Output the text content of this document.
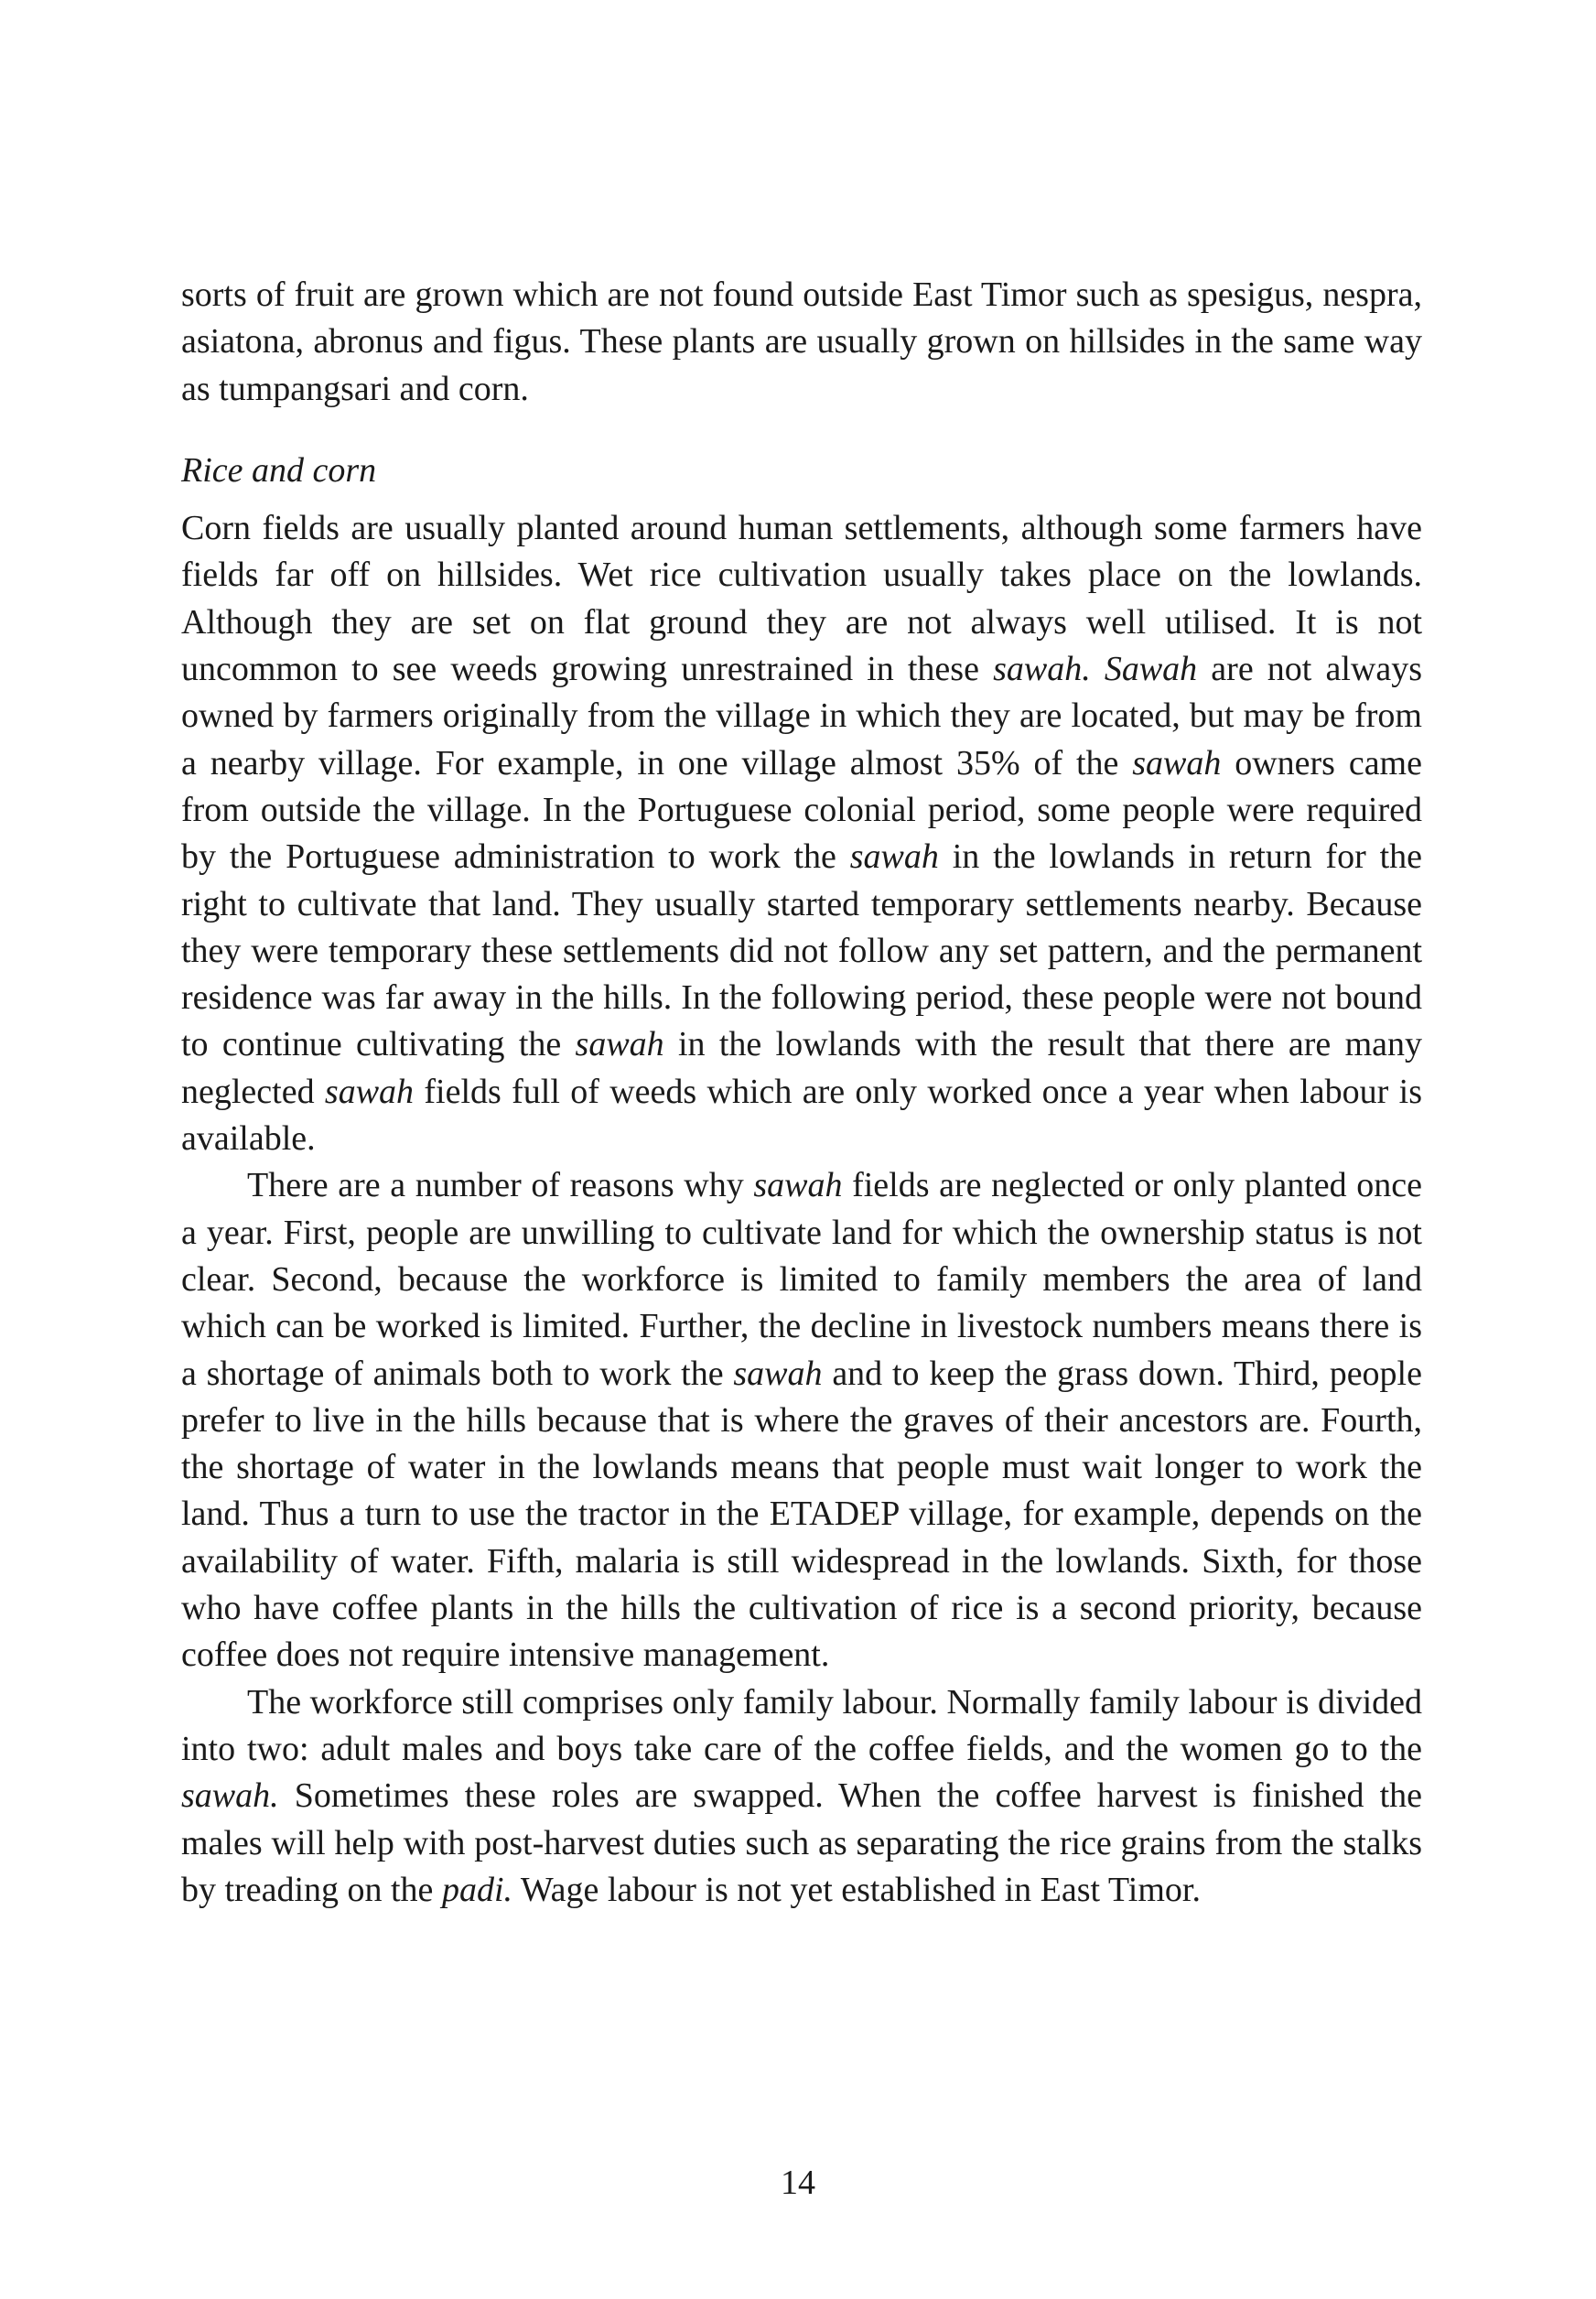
sorts of fruit are grown which are not found outside East Timor such as spesigus, nespra, asiatona, abronus and figus. These plants are usually grown on hillsides in the same way as tumpangsari and corn.

Rice and corn

Corn fields are usually planted around human settlements, although some farmers have fields far off on hillsides. Wet rice cultivation usually takes place on the lowlands. Although they are set on flat ground they are not always well utilised. It is not uncommon to see weeds growing unrestrained in these sawah. Sawah are not always owned by farmers originally from the village in which they are located, but may be from a nearby village. For example, in one village almost 35% of the sawah owners came from outside the village. In the Portuguese colonial period, some people were required by the Portuguese administration to work the sawah in the lowlands in return for the right to cultivate that land. They usually started temporary settlements nearby. Because they were temporary these settlements did not follow any set pattern, and the permanent residence was far away in the hills. In the following period, these people were not bound to continue cultivating the sawah in the lowlands with the result that there are many neglected sawah fields full of weeds which are only worked once a year when labour is available.

There are a number of reasons why sawah fields are neglected or only planted once a year. First, people are unwilling to cultivate land for which the ownership status is not clear. Second, because the workforce is limited to family members the area of land which can be worked is limited. Further, the decline in livestock numbers means there is a shortage of animals both to work the sawah and to keep the grass down. Third, people prefer to live in the hills because that is where the graves of their ancestors are. Fourth, the shortage of water in the lowlands means that people must wait longer to work the land. Thus a turn to use the tractor in the ETADEP village, for example, depends on the availability of water. Fifth, malaria is still widespread in the lowlands. Sixth, for those who have coffee plants in the hills the cultivation of rice is a second priority, because coffee does not require intensive management.

The workforce still comprises only family labour. Normally family labour is divided into two: adult males and boys take care of the coffee fields, and the women go to the sawah. Sometimes these roles are swapped. When the coffee harvest is finished the males will help with post-harvest duties such as separating the rice grains from the stalks by treading on the padi. Wage labour is not yet established in East Timor.

14
